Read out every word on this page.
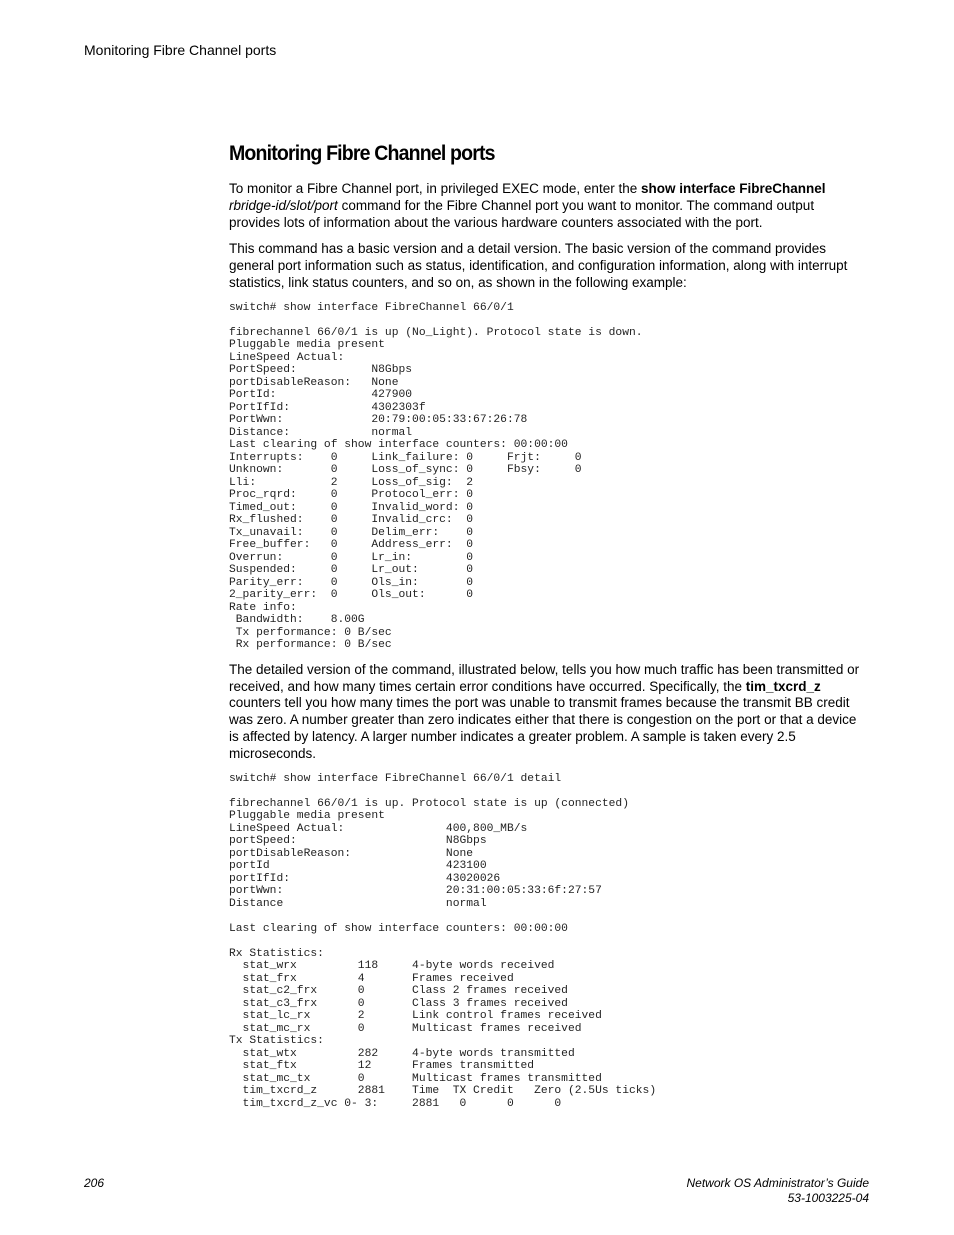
Monitoring Fibre Channel ports
Monitoring Fibre Channel ports

To monitor a Fibre Channel port, in privileged EXEC mode, enter the show interface FibreChannel rbridge-id/slot/port command for the Fibre Channel port you want to monitor. The command output provides lots of information about the various hardware counters associated with the port.

This command has a basic version and a detail version. The basic version of the command provides general port information such as status, identification, and configuration information, along with interrupt statistics, link status counters, and so on, as shown in the following example:

switch# show interface FibreChannel 66/0/1

fibrechannel 66/0/1 is up (No_Light). Protocol state is down.
Pluggable media present
LineSpeed Actual:
PortSpeed:           N8Gbps
portDisableReason:   None
PortId:              427900
PortIfId:            4302303f
PortWwn:             20:79:00:05:33:67:26:78
Distance:            normal
Last clearing of show interface counters: 00:00:00
Interrupts:    0     Link_failure: 0     Frjt:     0
Unknown:       0     Loss_of_sync: 0     Fbsy:     0
Lli:           2     Loss_of_sig:  2
Proc_rqrd:     0     Protocol_err: 0
Timed_out:     0     Invalid_word: 0
Rx_flushed:    0     Invalid_crc:  0
Tx_unavail:    0     Delim_err:    0
Free_buffer:   0     Address_err:  0
Overrun:       0     Lr_in:        0
Suspended:     0     Lr_out:       0
Parity_err:    0     Ols_in:       0
2_parity_err:  0     Ols_out:      0
Rate info:
Bandwidth:    8.00G
Tx performance: 0 B/sec
Rx performance: 0 B/sec

The detailed version of the command, illustrated below, tells you how much traffic has been transmitted or received, and how many times certain error conditions have occurred. Specifically, the tim_txcrd_z counters tell you how many times the port was unable to transmit frames because the transmit BB credit was zero. A number greater than zero indicates either that there is congestion on the port or that a device is affected by latency. A larger number indicates a greater problem. A sample is taken every 2.5 microseconds.

switch# show interface FibreChannel 66/0/1 detail

fibrechannel 66/0/1 is up. Protocol state is up (connected)
Pluggable media present
LineSpeed Actual:               400,800_MB/s
portSpeed:                      N8Gbps
portDisableReason:              None
portId                          423100
portIfId:                       43020026
portWwn:                        20:31:00:05:33:6f:27:57
Distance                        normal

Last clearing of show interface counters: 00:00:00

Rx Statistics:
stat_wrx         118     4-byte words received
stat_frx         4       Frames received
stat_c2_frx      0       Class 2 frames received
stat_c3_frx      0       Class 3 frames received
stat_lc_rx       2       Link control frames received
stat_mc_rx       0       Multicast frames received
Tx Statistics:
stat_wtx         282     4-byte words transmitted
stat_ftx         12      Frames transmitted
stat_mc_tx       0       Multicast frames transmitted
tim_txcrd_z      2881    Time  TX Credit   Zero (2.5Us ticks)
tim_txcrd_z_vc 0- 3:     2881   0      0      0
206	Network OS Administrator’s Guide
53-1003225-04
